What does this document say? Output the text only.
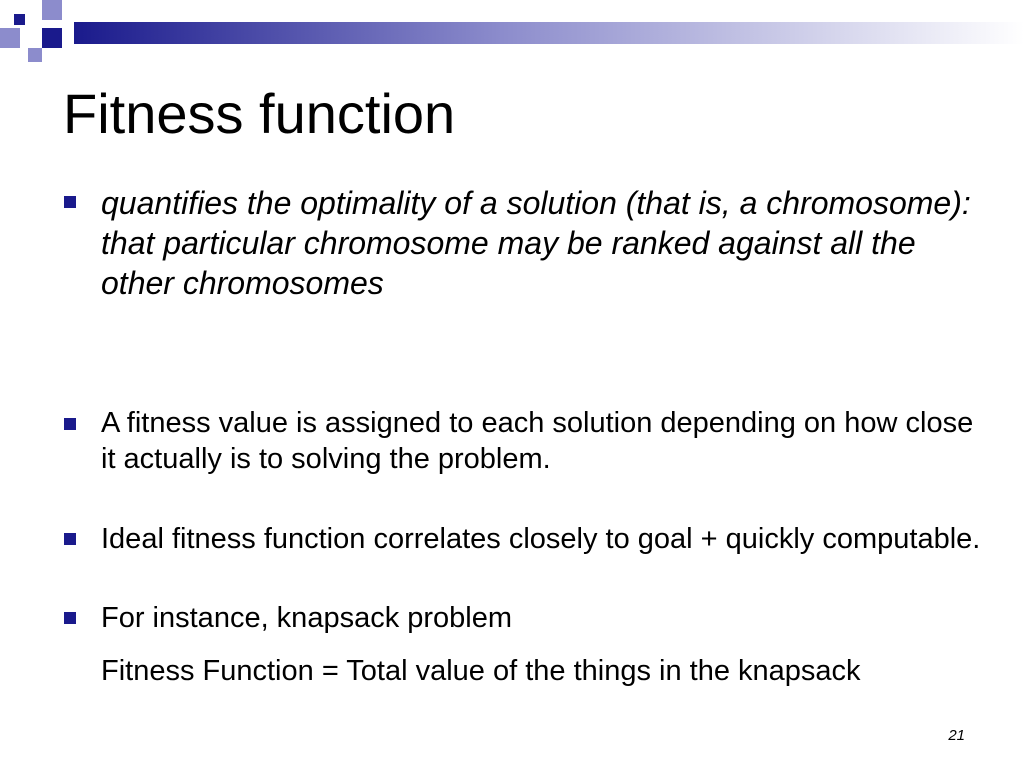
Fitness function

quantifies the optimality of a solution (that is, a chromosome): that particular chromosome may be ranked against all the other chromosomes

A fitness value is assigned to each solution depending on how close it actually is to solving the problem.

Ideal fitness function correlates closely to goal + quickly computable.

For instance, knapsack problem

Fitness Function = Total value of the things in the knapsack

21
